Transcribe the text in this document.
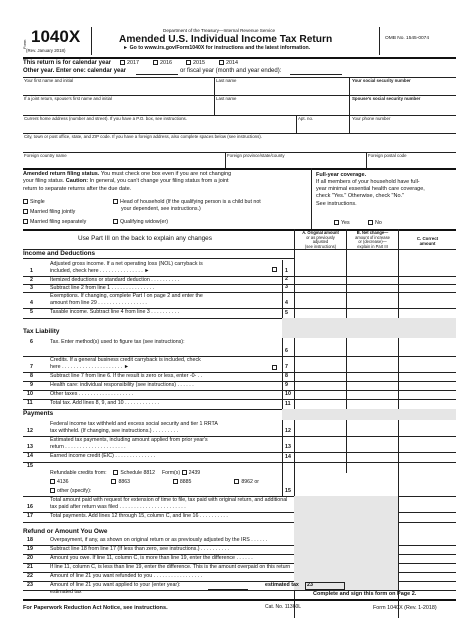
Form 1040X
(Rev. January 2018)
Department of the Treasury—Internal Revenue Service
Amended U.S. Individual Income Tax Return
► Go to www.irs.gov/Form1040X for instructions and the latest information.
OMB No. 1545-0074
This return is for calendar year	2017	2016	2015	2014
Other year. Enter one: calendar year	or fiscal year (month and year ended):
Your first name and initial	Last name	Your social security number
If a joint return, spouse's first name and initial	Last name	Spouse's social security number
Current home address (number and street). If you have a P.O. box, see instructions.	Apt. no.	Your phone number
City, town or post office, state, and ZIP code. If you have a foreign address, also complete spaces below (see instructions).
Foreign country name	Foreign province/state/county	Foreign postal code
Amended return filing status. You must check one box even if you are not changing
your filing status. Caution: In general, you can't change your filing status from a joint
return to separate returns after the due date.
Single
Married filing jointly
Married filing separately
Head of household (If the qualifying person is a child but not
your dependent, see instructions.)
Qualifying widow(er)
Full-year coverage.
If all members of your household have full-
year minimal essential health care coverage,
check "Yes." Otherwise, check "No."
See instructions.
Yes	No
Use Part III on the back to explain any changes
A. Original amount
or as previously
adjusted
(see instructions)
B. Net change—
amount of increase
or (decrease)—
explain in Part III
C. Correct
amount
Income and Deductions
1
Adjusted gross income. If a net operating loss (NOL) carryback is
included, check here . . . . . . . . . . . . . . . ►	1
2	Itemized deductions or standard deduction . . . . . . . . . .	2
3	Subtract line 2 from line 1 . . . . . . . . . . . . . . .	3
4
Exemptions. If changing, complete Part I on page 2 and enter the
amount from line 29 . . . . . . . . . . . . . . . . .	4
5	Taxable income. Subtract line 4 from line 3 . . . . . . . . . .	5
6	Tax. Enter method(s) used to figure tax (see instructions):
6
7
Credits. If a general business credit carryback is included, check
here . . . . . . . . . . . . . . . . . . . . . ►	7
8	Subtract line 7 from line 6. If the result is zero or less, enter -0- . .	8
9	Health care: individual responsibility (see instructions) . . . . . .	9
10	Other taxes . . . . . . . . . . . . . . . . . . .	10
11	Total tax. Add lines 8, 9, and 10 . . . . . . . . . . . .	11
12
Federal income tax withheld and excess social security and tier 1 RRTA
tax withheld. (If changing, see instructions.) . . . . . . . . .	12
13
Estimated tax payments, including amount applied from prior year's
return . . . . . . . . . . . . . . . . . . . . .	13
14	Earned income credit (EIC) . . . . . . . . . . . . . .	14
15
15
16
Total amount paid with request for extension of time to file, tax paid with original return, and additional
tax paid after return was filed . . . . . . . . . . . . . . . . . . . . . . .
17	Total payments. Add lines 12 through 15, column C, and line 16 . . . . . . . . . .
18	Overpayment, if any, as shown on original return or as previously adjusted by the IRS . . . . . .
19	Subtract line 18 from line 17 (If less than zero, see instructions.) . . . . . . . . . .
20	Amount you owe. If line 11, column C, is more than line 19, enter the difference . . . . . .
21	If line 11, column C, is less than line 19, enter the difference. This is the amount overpaid on this return
22	Amount of line 21 you want refunded to you . . . . . . . . . . . . . . . . .
23	Amount of line 21 you want applied to your (enter year):
estimated tax
estimated tax 23
Tax Liability
Payments
Refund or Amount You Owe
Refundable credits from:	Schedule 8812 Form(s) 2439
4136	8863	8885	8962 or
other (specify):
Complete and sign this form on Page 2.
For Paperwork Reduction Act Notice, see instructions.	Cat. No. 11360L	Form 1040X (Rev. 1-2018)
